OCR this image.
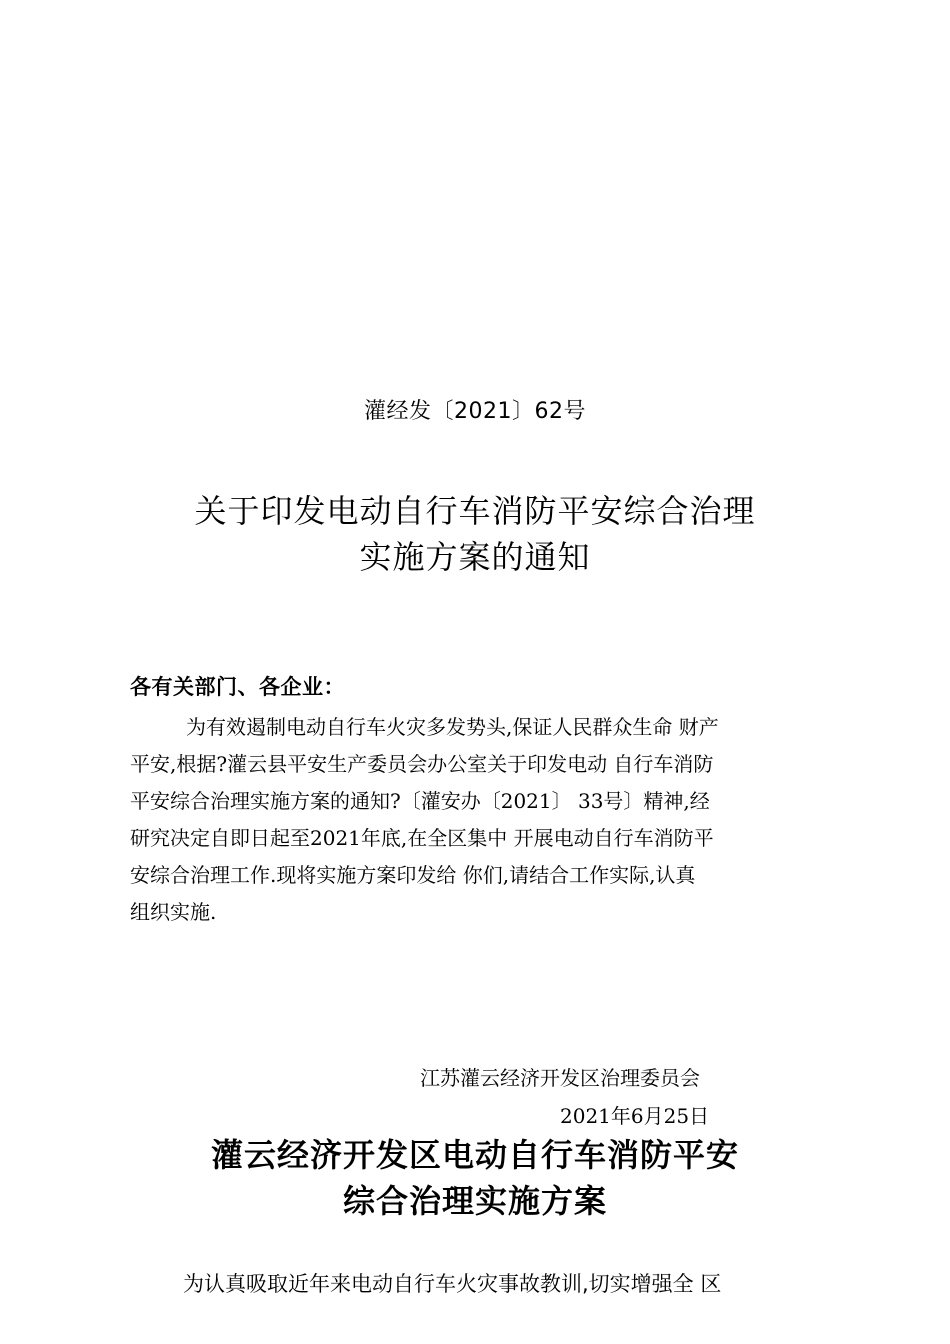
灌经发〔2021〕62号
关于印发电动自行车消防平安综合治理
实施方案的通知
各有关部门、各企业：
为有效遏制电动自行车火灾多发势头,保证人民群众生命 财产
平安,根据?灌云县平安生产委员会办公室关于印发电动 自行车消防
平安综合治理实施方案的通知?〔灌安办〔2021〕 33号〕精神,经
研究决定自即日起至2021年底,在全区集中 开展电动自行车消防平
安综合治理工作.现将实施方案印发给 你们,请结合工作实际,认真
组织实施.
江苏灌云经济开发区治理委员会
2021年6月25日
灌云经济开发区电动自行车消防平安
综合治理实施方案
为认真吸取近年来电动自行车火灾事故教训,切实增强全 区
